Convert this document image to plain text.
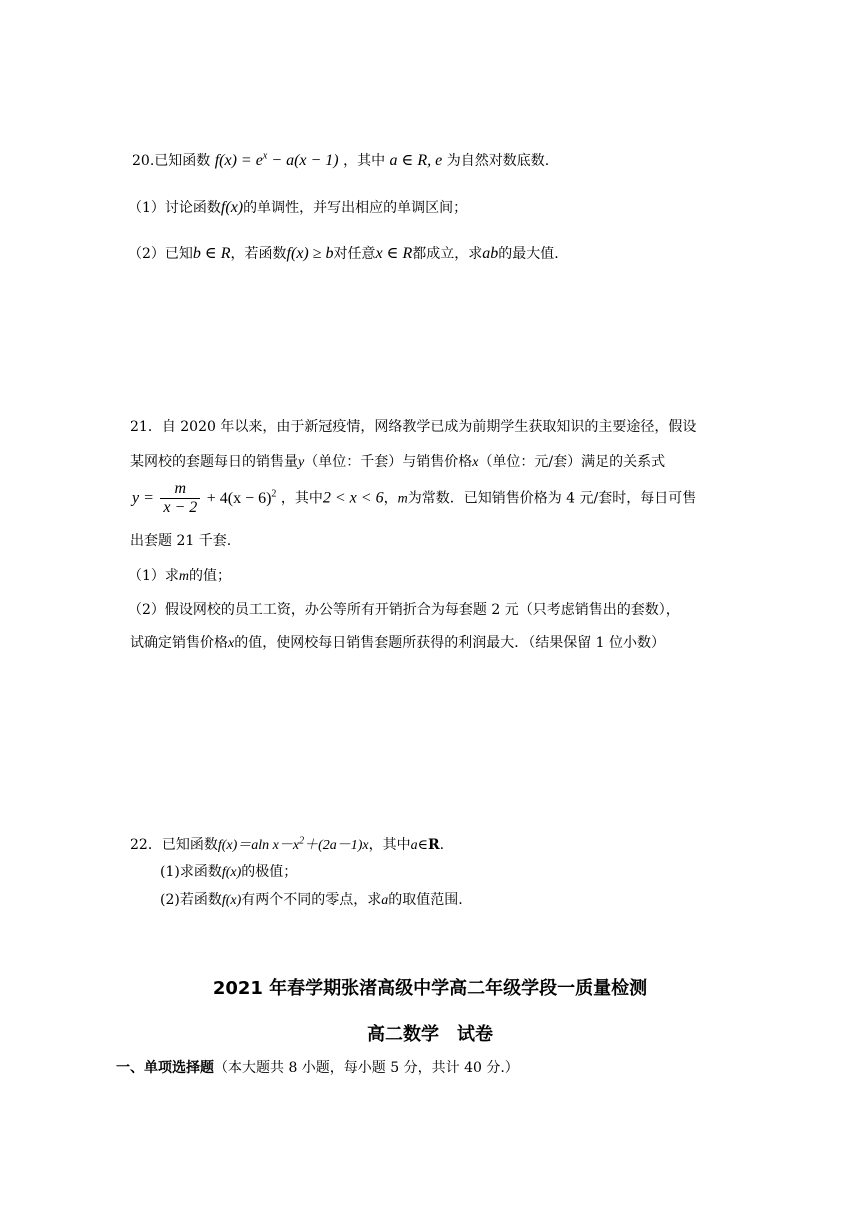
20.已知函数 $f(x) = e^x - a(x - 1)$ ，其中 a ∈ R, e 为自然对数底数.
（1）讨论函数f(x)的单调性，并写出相应的单调区间；
（2）已知b ∈ R，若函数f(x) ≥ b对任意x ∈ R都成立，求ab的最大值.
21．自 2020 年以来，由于新冠疫情，网络教学已成为前期学生获取知识的主要途径，假设
某网校的套题每日的销售量y（单位：千套）与销售价格x（单位：元/套）满足的关系式
$y = \frac{m}{x - 2} + 4(x - 6)^2$ ，其中2 < x < 6，m为常数．已知销售价格为 4 元/套时，每日可售
出套题 21 千套.
（1）求m的值；
（2）假设网校的员工工资，办公等所有开销折合为每套题 2 元（只考虑销售出的套数），
试确定销售价格x的值，使网校每日销售套题所获得的利润最大．（结果保留 1 位小数）
22．已知函数f(x)＝aln $x-x^2+(2a-1)x$，其中a∈R.
(1)求函数f(x)的极值；
(2)若函数f(x)有两个不同的零点，求a的取值范围.
2021 年春学期张渚高级中学高二年级学段一质量检测
高二数学　试卷
一、单项选择题（本大题共 8 小题，每小题 5 分，共计 40 分.）
